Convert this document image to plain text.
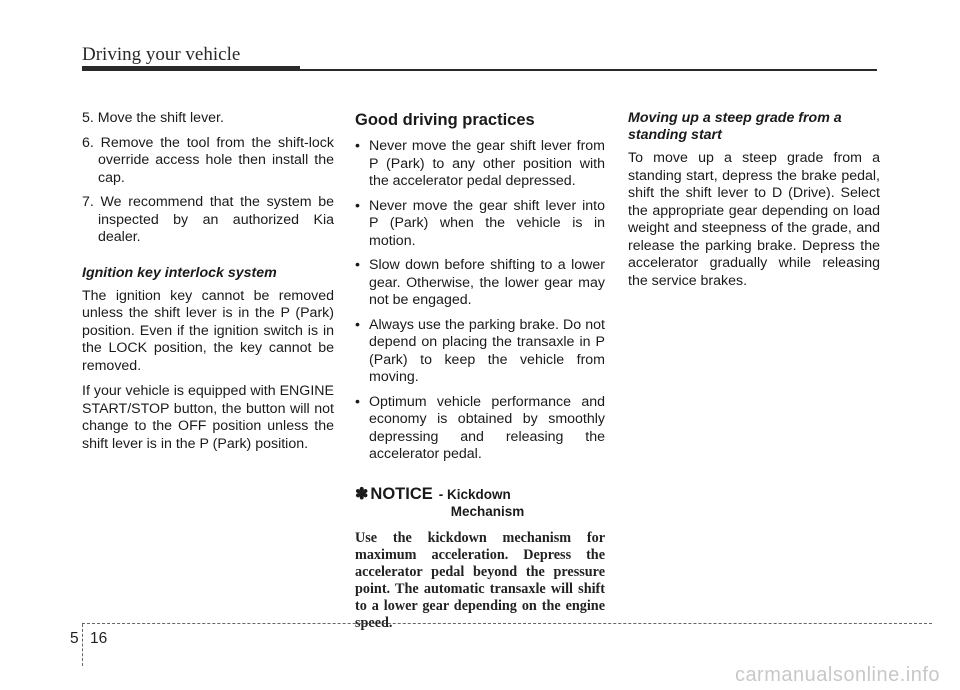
Driving your vehicle
5. Move the shift lever.
6. Remove the tool from the shift-lock override access hole then install the cap.
7. We recommend that the system be inspected by an authorized Kia dealer.
Ignition key interlock system

The ignition key cannot be removed unless the shift lever is in the P (Park) position. Even if the ignition switch is in the LOCK position, the key cannot be removed.

If your vehicle is equipped with ENGINE START/STOP button, the button will not change to the OFF position unless the shift lever is in the P (Park) position.

Good driving practices
• Never move the gear shift lever from P (Park) to any other position with the accelerator pedal depressed.
• Never move the gear shift lever into P (Park) when the vehicle is in motion.
• Slow down before shifting to a lower gear. Otherwise, the lower gear may not be engaged.
• Always use the parking brake. Do not depend on placing the transaxle in P (Park) to keep the vehicle from moving.
• Optimum vehicle performance and economy is obtained by smoothly depressing and releasing the accelerator pedal.
✽ NOTICE - Kickdown
Mechanism
Use the kickdown mechanism for maximum acceleration. Depress the accelerator pedal beyond the pressure point. The automatic transaxle will shift to a lower gear depending on the engine speed.
Moving up a steep grade from a standing start

To move up a steep grade from a standing start, depress the brake pedal, shift the shift lever to D (Drive). Select the appropriate gear depending on load weight and steepness of the grade, and release the parking brake. Depress the accelerator gradually while releasing the service brakes.

5 16
carmanualsonline.info
